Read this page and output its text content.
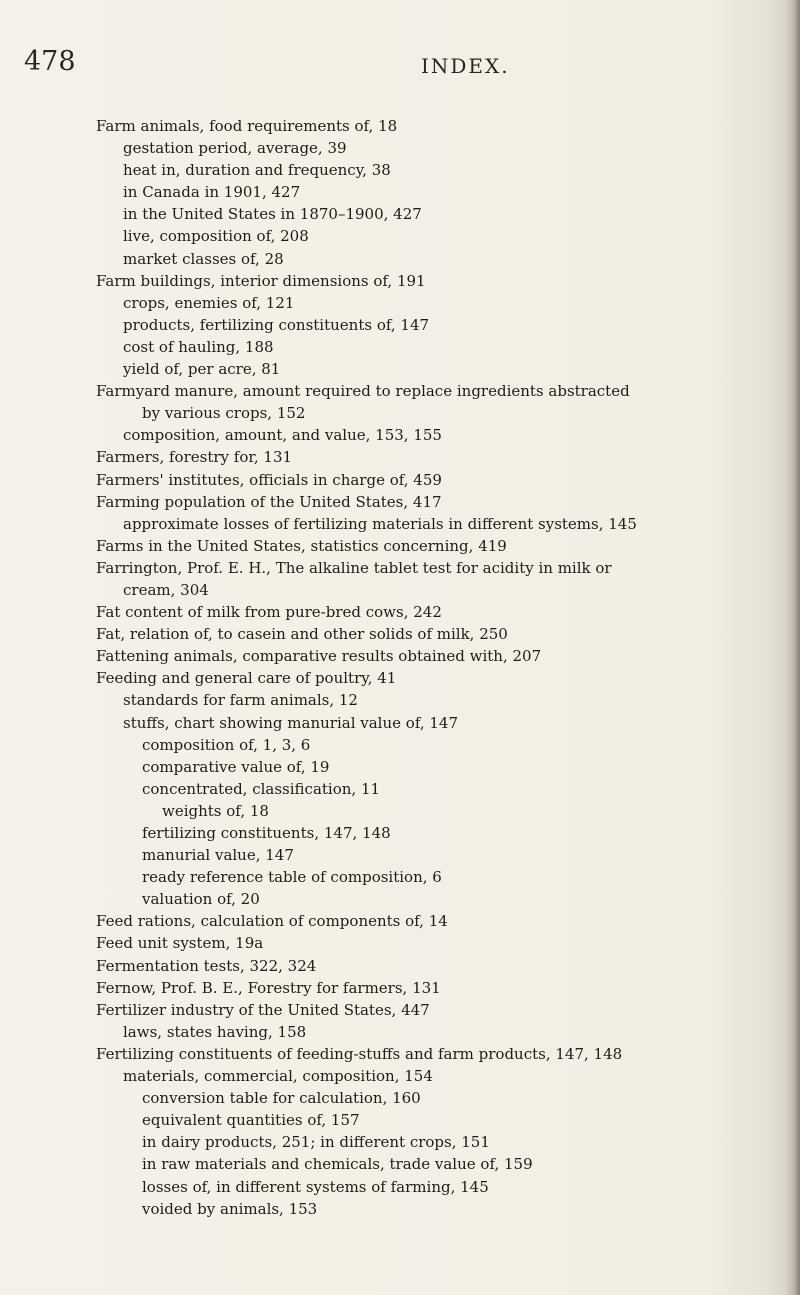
478	INDEX.
Farm animals, food requirements of, 18
gestation period, average, 39
heat in, duration and frequency, 38
in Canada in 1901, 427
in the United States in 1870–1900, 427
live, composition of, 208
market classes of, 28
Farm buildings, interior dimensions of, 191
crops, enemies of, 121
products, fertilizing constituents of, 147
cost of hauling, 188
yield of, per acre, 81
Farmyard manure, amount required to replace ingredients abstracted
by various crops, 152
composition, amount, and value, 153, 155
Farmers, forestry for, 131
Farmers' institutes, officials in charge of, 459
Farming population of the United States, 417
approximate losses of fertilizing materials in different systems, 145
Farms in the United States, statistics concerning, 419
Farrington, Prof. E. H., The alkaline tablet test for acidity in milk or
cream, 304
Fat content of milk from pure-bred cows, 242
Fat, relation of, to casein and other solids of milk, 250
Fattening animals, comparative results obtained with, 207
Feeding and general care of poultry, 41
standards for farm animals, 12
stuffs, chart showing manurial value of, 147
composition of, 1, 3, 6
comparative value of, 19
concentrated, classification, 11
weights of, 18
fertilizing constituents, 147, 148
manurial value, 147
ready reference table of composition, 6
valuation of, 20
Feed rations, calculation of components of, 14
Feed unit system, 19a
Fermentation tests, 322, 324
Fernow, Prof. B. E., Forestry for farmers, 131
Fertilizer industry of the United States, 447
laws, states having, 158
Fertilizing constituents of feeding-stuffs and farm products, 147, 148
materials, commercial, composition, 154
conversion table for calculation, 160
equivalent quantities of, 157
in dairy products, 251; in different crops, 151
in raw materials and chemicals, trade value of, 159
losses of, in different systems of farming, 145
voided by animals, 153
